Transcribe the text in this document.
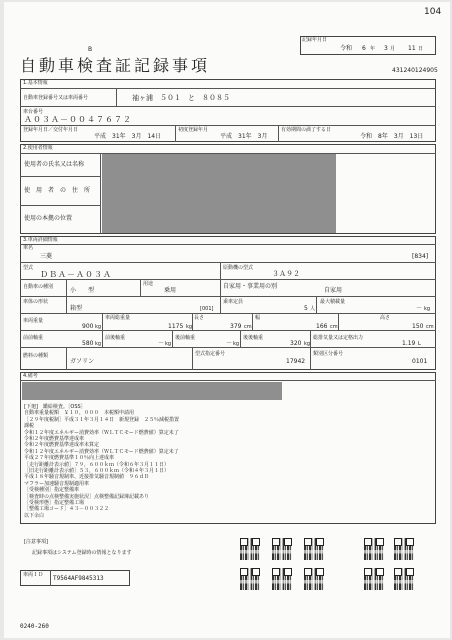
104
記録年月日
令和 6 年 3 月 11 日
B
自動車検査証記録事項	431240124905
1.基本情報
自動車登録番号又は車両番号	袖ヶ浦　５０１　と　８０８５
車台番号
Ａ０３Ａ－００４７６７２
登録年月日／交付年月日
平成　31年　3月　14日
初度登録年月
平成　31年　3月
有効期間の満了する日
令和　8年　3月　13日
2.使用者情報
使用者の氏名又は名称
使　用　者　の　住　所
使用の本拠の位置
3.車両詳細情報
車名
三菱	[834]
型式
ＤＢＡ－Ａ０３Ａ
原動機の型式
３Ａ９２
自動車の種別	小　　型
用途
乗用
自家用・事業用の別
自家用
車体の形状
箱型	[001]
乗車定員
5 人
最大積載量
－ kg
車両重量
900 kg
車両総重量
1175 kg
長さ
379 cm
幅
166 cm
高さ
150 cm
前前軸重
580 kg
前後軸重
－ kg
後前軸重
－ kg
後後軸重
320 kg
総排気量又は定格出力
1.19 L
燃料の種類
ガソリン
型式指定番号
17942
類別区分番号
0101
4.備考
[下廻]　鑑給検査。［OSS］
自動車重量税額　￥１０，０００　本税額申請用
［２９年度税制］平成３１年３月１４日　新規登録　２５％減税措置
課税
令和１２年度エネルギー消費効率（ＷＬＴＣモード燃費値）算定未了
令和２年度燃費基準達成車
令和２年度燃費基準達成率未算定
令和１２年度エネルギー消費効率（ＷＬＴＣモード燃費値）算定未了
平成２７年度燃費基準１０％向上達成車
［走行距離計表示値］７９，６００ｋｍ（令和６年３月１１日）
［旧走行距離計表示値］５３，６００ｋｍ（令和４年３月１日）
平成１８年騒音規制車、近接排気騒音規制値　９６ｄＢ
マフラー加速騒音規制適用車
［受検種別］指定整備車
［検査時の点検整備実施状況］点検整備記録簿記載あり
［受検形態］指定整備工場
［整備工場コード］４３－００３２２
以下余白
[注意事項]
記録事項はシステム登録時の情報となります
車両ＩＤ T9564AF9845313
0240-260
